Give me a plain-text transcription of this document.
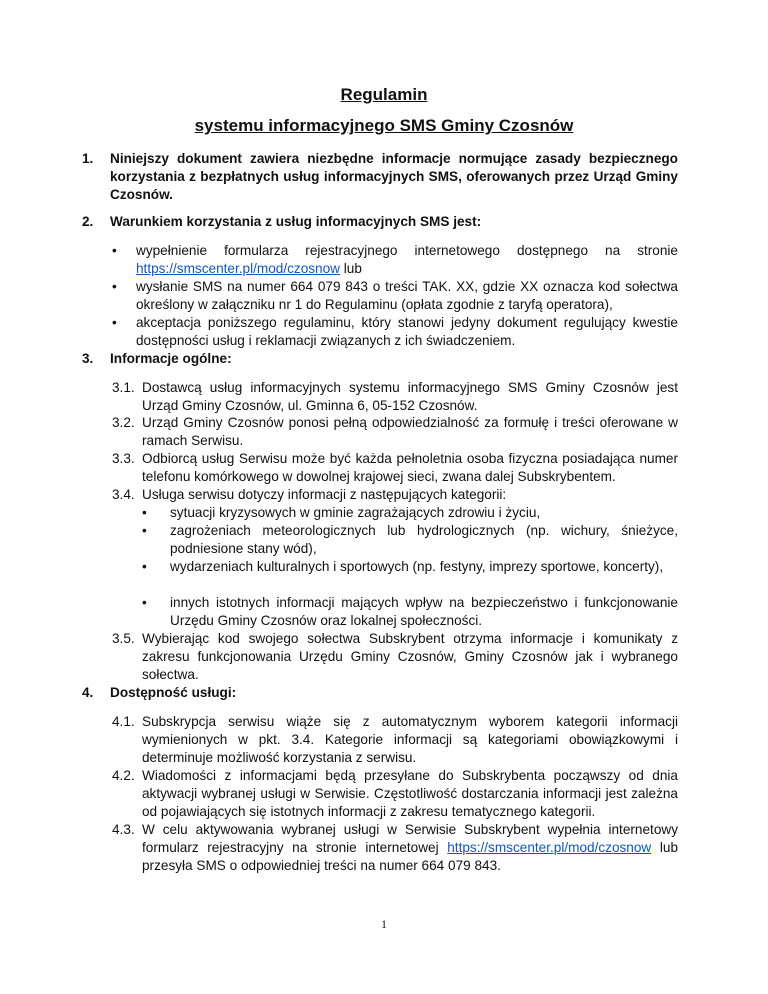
Regulamin
systemu informacyjnego SMS Gminy Czosnów
1.	Niniejszy dokument zawiera niezbędne informacje normujące zasady bezpiecznego korzystania z bezpłatnych usług informacyjnych SMS, oferowanych przez Urząd Gminy Czosnów.
2.	Warunkiem korzystania z usług informacyjnych SMS jest:
•	wypełnienie formularza rejestracyjnego internetowego dostępnego na stronie https://smscenter.pl/mod/czosnow lub
•	wysłanie SMS na numer 664 079 843 o treści TAK. XX, gdzie XX oznacza kod sołectwa określony w załączniku nr 1 do Regulaminu (opłata zgodnie z taryfą operatora),
•	akceptacja poniższego regulaminu, który stanowi jedyny dokument regulujący kwestie dostępności usług i reklamacji związanych z ich świadczeniem.
3.	Informacje ogólne:
3.1. Dostawcą usług informacyjnych systemu informacyjnego SMS Gminy Czosnów jest Urząd Gminy Czosnów, ul. Gminna 6, 05-152 Czosnów.
3.2. Urząd Gminy Czosnów ponosi pełną odpowiedzialność za formułę i treści oferowane w ramach Serwisu.
3.3. Odbiorcą usług Serwisu może być każda pełnoletnia osoba fizyczna posiadająca numer telefonu komórkowego w dowolnej krajowej sieci, zwana dalej Subskrybentem.
3.4. Usługa serwisu dotyczy informacji z następujących kategorii:
•	sytuacji kryzysowych w gminie zagrażających zdrowiu i życiu,
•	zagrożeniach meteorologicznych lub hydrologicznych (np. wichury, śnieżyce, podniesione stany wód),
•	wydarzeniach kulturalnych i sportowych (np. festyny, imprezy sportowe, koncerty),
•	innych istotnych informacji mających wpływ na bezpieczeństwo i funkcjonowanie Urzędu Gminy Czosnów oraz lokalnej społeczności.
3.5. Wybierając kod swojego sołectwa Subskrybent otrzyma informacje i komunikaty z zakresu funkcjonowania Urzędu Gminy Czosnów, Gminy Czosnów jak i wybranego sołectwa.
4.	Dostępność usługi:
4.1. Subskrypcja serwisu wiąże się z automatycznym wyborem kategorii informacji wymienionych w pkt. 3.4. Kategorie informacji są kategoriami obowiązkowymi i determinuje możliwość korzystania z serwisu.
4.2. Wiadomości z informacjami będą przesyłane do Subskrybenta począwszy od dnia aktywacji wybranej usługi w Serwisie. Częstotliwość dostarczania informacji jest zależna od pojawiających się istotnych informacji z zakresu tematycznego kategorii.
4.3. W celu aktywowania wybranej usługi w Serwisie Subskrybent wypełnia internetowy formularz rejestracyjny na stronie internetowej https://smscenter.pl/mod/czosnow lub przesyła SMS o odpowiedniej treści na numer 664 079 843.
1
